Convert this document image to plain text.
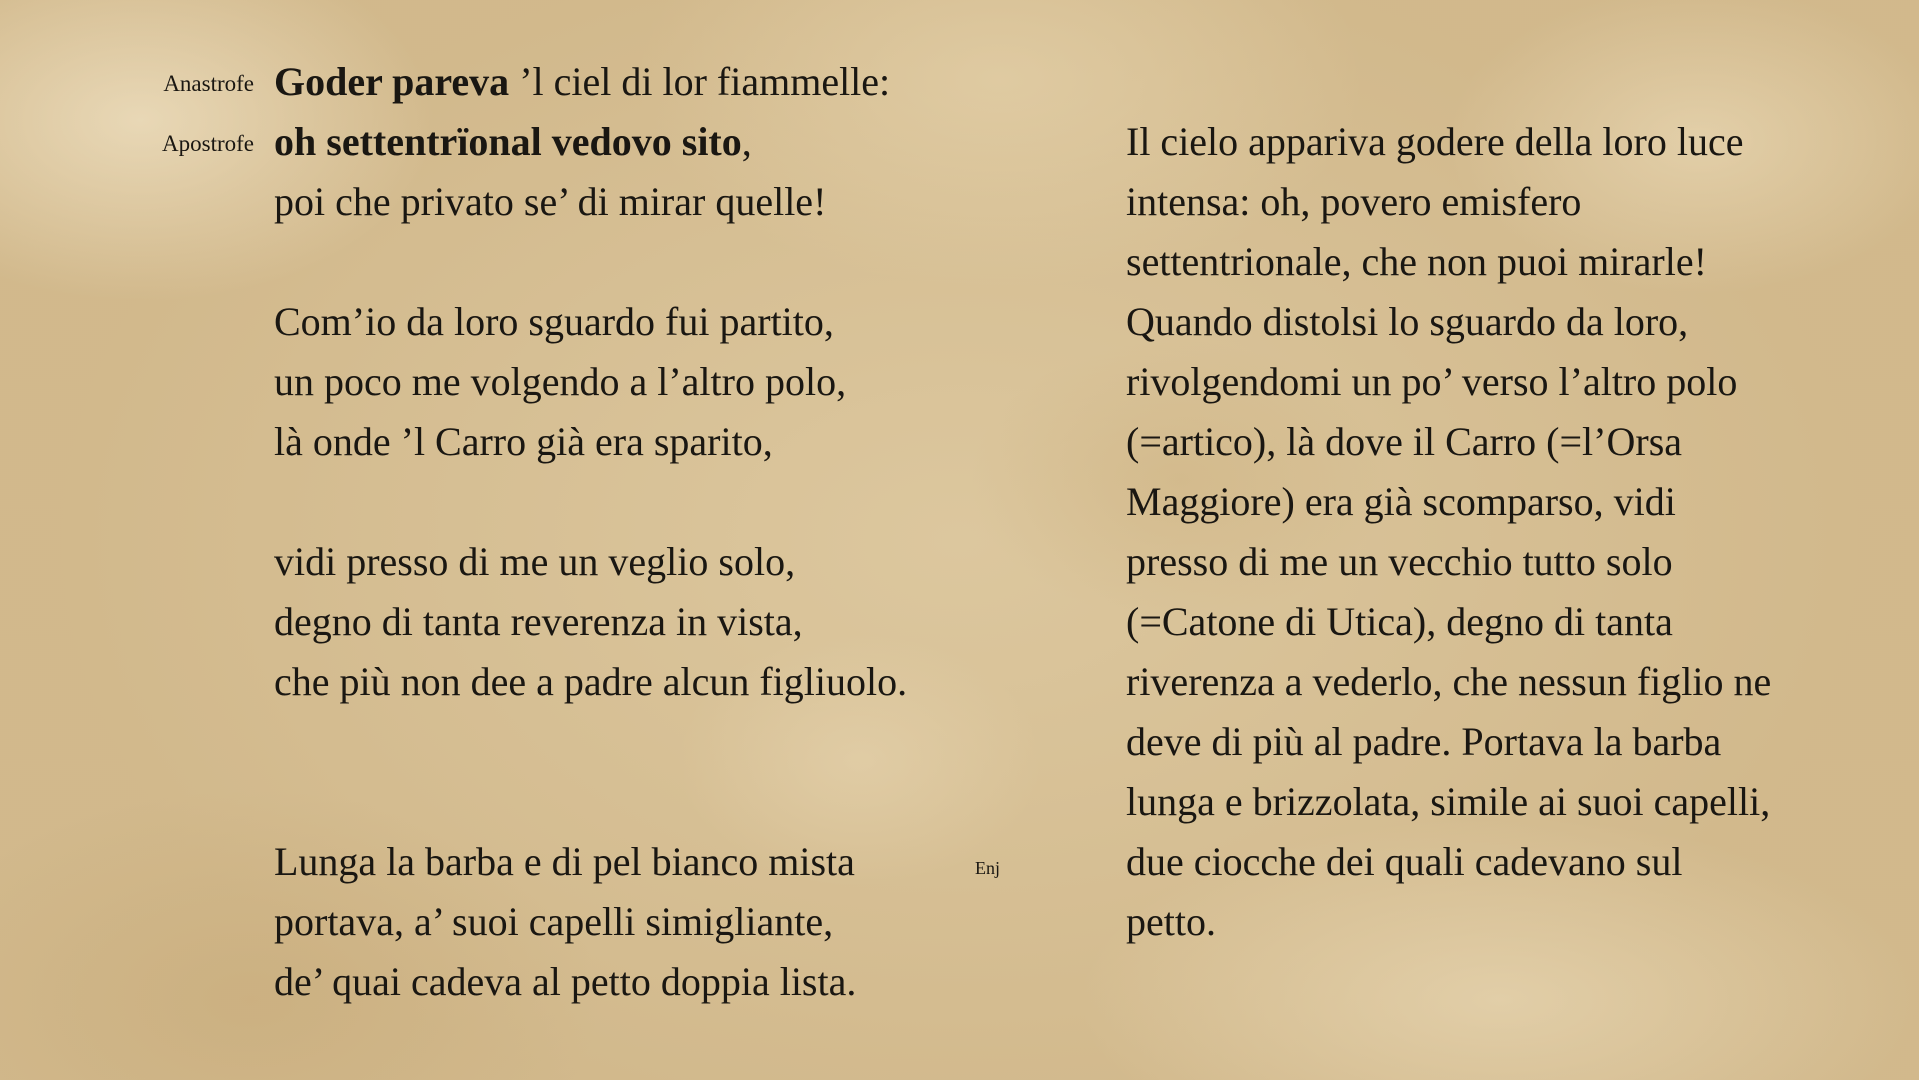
Anastrofe
Apostrofe
Enj
Goder pareva ’l ciel di lor fiammelle:
oh settentrïonal vedovo sito,
poi che privato se’ di mirar quelle!
Com’io da loro sguardo fui partito,
un poco me volgendo a l’altro polo,
là onde ’l Carro già era sparito,
vidi presso di me un veglio solo,
degno di tanta reverenza in vista,
che più non dee a padre alcun figliuolo.
Lunga la barba e di pel bianco mista
portava, a’ suoi capelli simigliante,
de’ quai cadeva al petto doppia lista.
Il cielo appariva godere della loro luce
intensa: oh, povero emisfero
settentrionale, che non puoi mirarle!
Quando distolsi lo sguardo da loro,
rivolgendomi un po’ verso l’altro polo
(=artico), là dove il Carro (=l’Orsa
Maggiore) era già scomparso, vidi
presso di me un vecchio tutto solo
(=Catone di Utica), degno di tanta
riverenza a vederlo, che nessun figlio ne
deve di più al padre. Portava la barba
lunga e brizzolata, simile ai suoi capelli,
due ciocche dei quali cadevano sul
petto.
